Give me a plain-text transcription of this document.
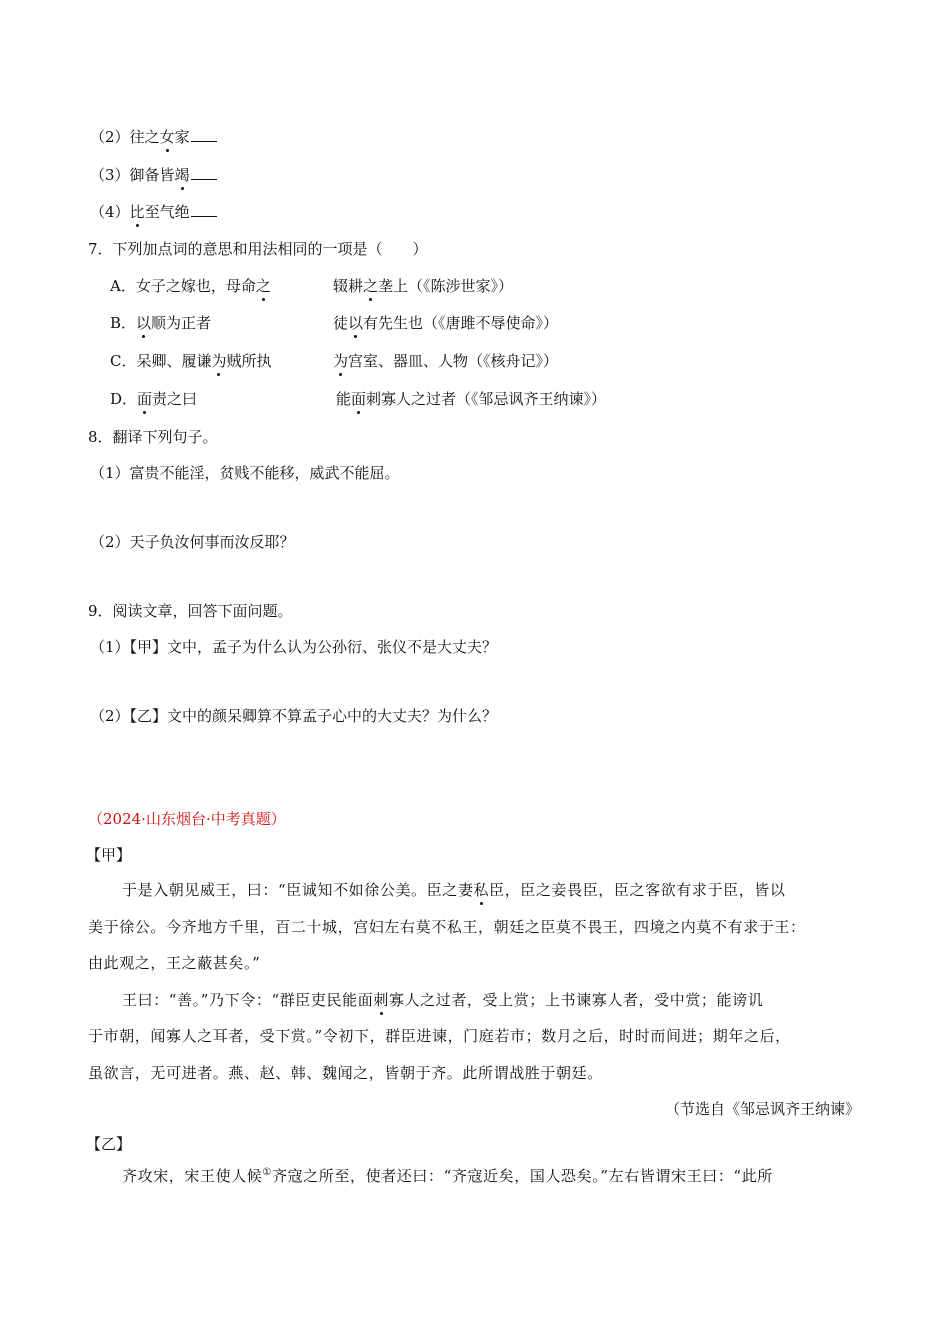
（2）往之女家
（3）御备皆竭
（4）比至气绝
7．下列加点词的意思和用法相同的一项是（　　）
A．女子之嫁也，母命之	辍耕之垄上（《陈涉世家》）
B．以顺为正者	徒以有先生也（《唐雎不辱使命》）
C．呆卿、履谦为贼所执	为宫室、器皿、人物（《核舟记》）
D．面责之曰	能面刺寡人之过者（《邹忌讽齐王纳谏》）
8．翻译下列句子。
（1）富贵不能淫，贫贱不能移，威武不能屈。
（2）天子负汝何事而汝反耶？
9．阅读文章，回答下面问题。
（1）【甲】文中，孟子为什么认为公孙衍、张仪不是大丈夫？
（2）【乙】文中的颜呆卿算不算孟子心中的大丈夫？为什么？
（2024·山东烟台·中考真题）
【甲】
于是入朝见威王，曰：“臣诚知不如徐公美。臣之妻私臣，臣之妾畏臣，臣之客欲有求于臣，皆以
美于徐公。今齐地方千里，百二十城，宫妇左右莫不私王，朝廷之臣莫不畏王，四境之内莫不有求于王：
由此观之，王之蔽甚矣。”
王曰：“善。”乃下令：“群臣吏民能面刺寡人之过者，受上赏；上书谏寡人者，受中赏；能谤讥
于市朝，闻寡人之耳者，受下赏。”令初下，群臣进谏，门庭若市；数月之后，时时而间进；期年之后，
虽欲言，无可进者。燕、赵、韩、魏闻之，皆朝于齐。此所谓战胜于朝廷。
（节选自《邹忌讽齐王纳谏》
【乙】
齐攻宋，宋王使人候①齐寇之所至，使者还曰：“齐寇近矣，国人恐矣。”左右皆谓宋王曰：“此所
